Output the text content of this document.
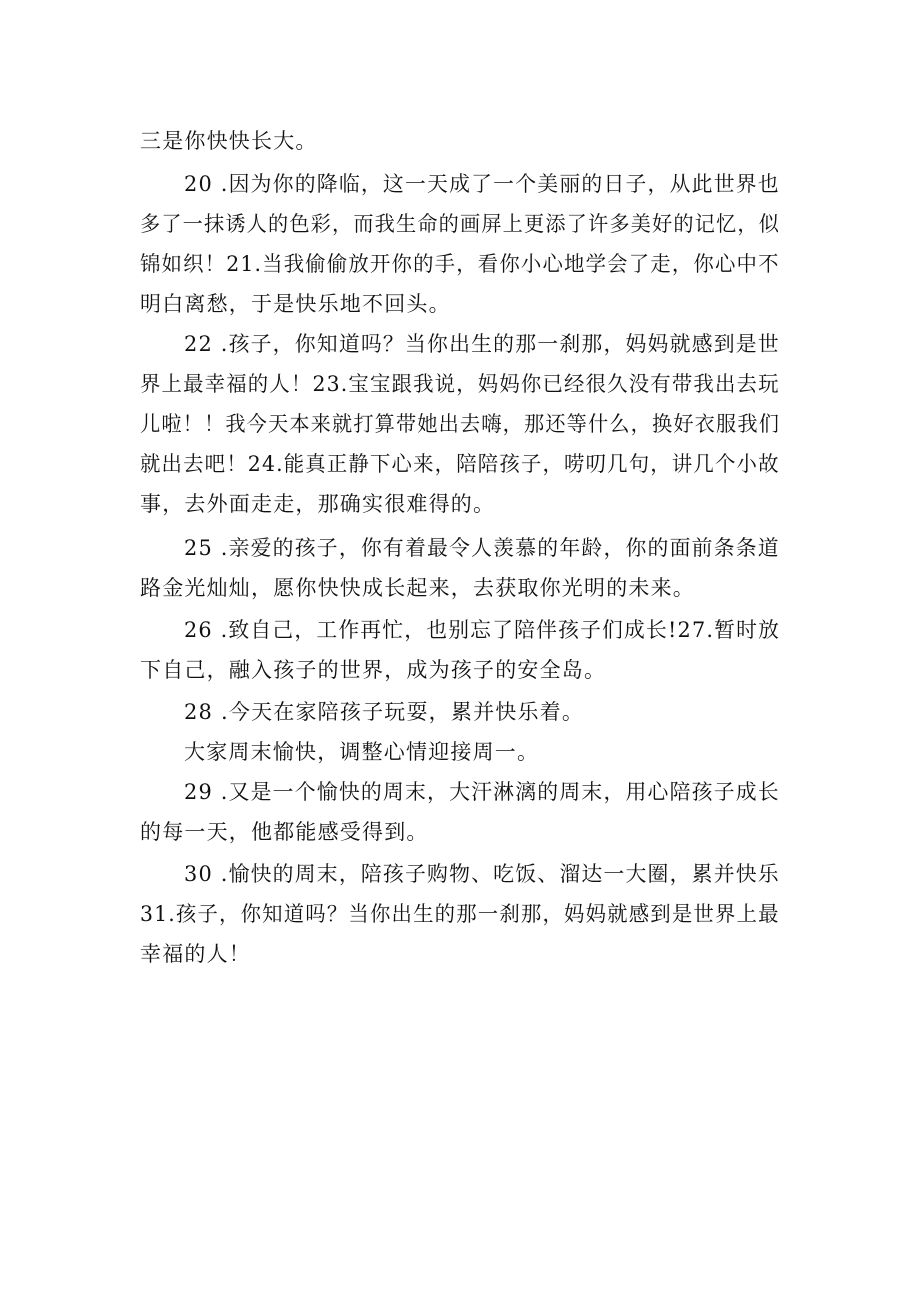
三是你快快长大。
20 .因为你的降临，这一天成了一个美丽的日子，从此世界也
多了一抹诱人的色彩，而我生命的画屏上更添了许多美好的记忆，似
锦如织！21.当我偷偷放开你的手，看你小心地学会了走，你心中不
明白离愁，于是快乐地不回头。
22 .孩子，你知道吗？当你出生的那一刹那，妈妈就感到是世
界上最幸福的人！23.宝宝跟我说，妈妈你已经很久没有带我出去玩
儿啦！！我今天本来就打算带她出去嗨，那还等什么，换好衣服我们
就出去吧！24.能真正静下心来，陪陪孩子，唠叨几句，讲几个小故
事，去外面走走，那确实很难得的。
25 .亲爱的孩子，你有着最令人羡慕的年龄，你的面前条条道
路金光灿灿，愿你快快成长起来，去获取你光明的未来。
26 .致自己，工作再忙，也别忘了陪伴孩子们成长!27.暂时放
下自己，融入孩子的世界，成为孩子的安全岛。
28 .今天在家陪孩子玩耍，累并快乐着。
大家周末愉快，调整心情迎接周一。
29 .又是一个愉快的周末，大汗淋漓的周末，用心陪孩子成长
的每一天，他都能感受得到。
30 .愉快的周末，陪孩子购物、吃饭、溜达一大圈，累并快乐
31.孩子，你知道吗？当你出生的那一刹那，妈妈就感到是世界上最
幸福的人！
